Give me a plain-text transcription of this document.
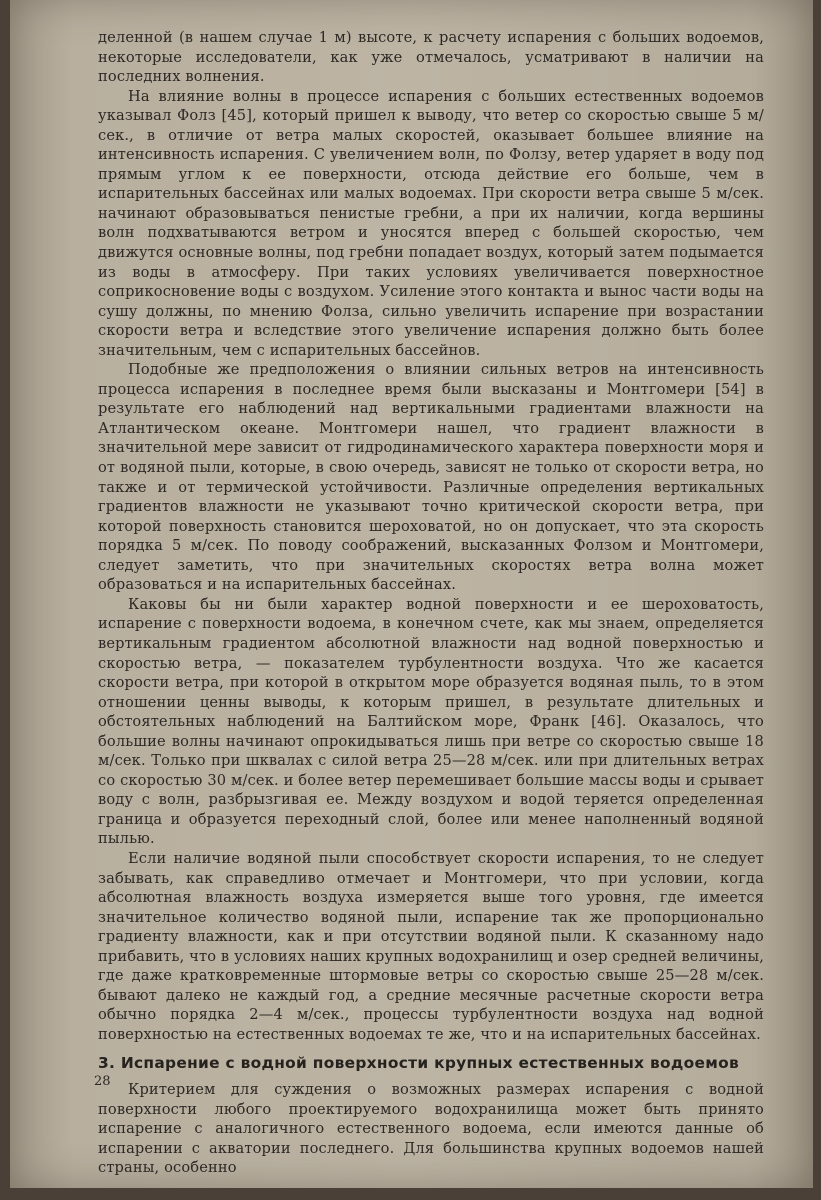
деленной (в нашем случае 1 м) высоте, к расчету испарения с больших водоемов, некоторые исследователи, как уже отмечалось, усматривают в наличии на последних волнения.

На влияние волны в процессе испарения с больших естественных водоемов указывал Фолз [45], который пришел к выводу, что ветер со скоростью свыше 5 м/сек., в отличие от ветра малых скоростей, оказывает большее влияние на интенсивность испарения. С увеличением волн, по Фолзу, ветер ударяет в воду под прямым углом к ее поверхности, отсюда действие его больше, чем в испарительных бассейнах или малых водоемах. При скорости ветра свыше 5 м/сек. начинают образовываться пенистые гребни, а при их наличии, когда вершины волн подхватываются ветром и уносятся вперед с большей скоростью, чем движутся основные волны, под гребни попадает воздух, который затем подымается из воды в атмосферу. При таких условиях увеличивается поверхностное соприкосновение воды с воздухом. Усиление этого контакта и вынос части воды на сушу должны, по мнению Фолза, сильно увеличить испарение при возрастании скорости ветра и вследствие этого увеличение испарения должно быть более значительным, чем с испарительных бассейнов.

Подобные же предположения о влиянии сильных ветров на интенсивность процесса испарения в последнее время были высказаны и Монтгомери [54] в результате его наблюдений над вертикальными градиентами влажности на Атлантическом океане. Монтгомери нашел, что градиент влажности в значительной мере зависит от гидродинамического характера поверхности моря и от водяной пыли, которые, в свою очередь, зависят не только от скорости ветра, но также и от термической устойчивости. Различные определения вертикальных градиентов влажности не указывают точно критической скорости ветра, при которой поверхность становится шероховатой, но он допускает, что эта скорость порядка 5 м/сек. По поводу соображений, высказанных Фолзом и Монтгомери, следует заметить, что при значительных скоростях ветра волна может образоваться и на испарительных бассейнах.

Каковы бы ни были характер водной поверхности и ее шероховатость, испарение с поверхности водоема, в конечном счете, как мы знаем, определяется вертикальным градиентом абсолютной влажности над водной поверхностью и скоростью ветра, — показателем турбулентности воздуха. Что же касается скорости ветра, при которой в открытом море образуется водяная пыль, то в этом отношении ценны выводы, к которым пришел, в результате длительных и обстоятельных наблюдений на Балтийском море, Франк [46]. Оказалось, что большие волны начинают опрокидываться лишь при ветре со скоростью свыше 18 м/сек. Только при шквалах с силой ветра 25—28 м/сек. или при длительных ветрах со скоростью 30 м/сек. и более ветер перемешивает большие массы воды и срывает воду с волн, разбрызгивая ее. Между воздухом и водой теряется определенная граница и образуется переходный слой, более или менее наполненный водяной пылью.

Если наличие водяной пыли способствует скорости испарения, то не следует забывать, как справедливо отмечает и Монтгомери, что при условии, когда абсолютная влажность воздуха измеряется выше того уровня, где имеется значительное количество водяной пыли, испарение так же пропорционально градиенту влажности, как и при отсутствии водяной пыли. К сказанному надо прибавить, что в условиях наших крупных водохранилищ и озер средней величины, где даже кратковременные штормовые ветры со скоростью свыше 25—28 м/сек. бывают далеко не каждый год, а средние месячные расчетные скорости ветра обычно порядка 2—4 м/сек., процессы турбулентности воздуха над водной поверхностью на естественных водоемах те же, что и на испарительных бассейнах.

3. Испарение с водной поверхности крупных естественных водоемов

Критерием для суждения о возможных размерах испарения с водной поверхности любого проектируемого водохранилища может быть принято испарение с аналогичного естественного водоема, если имеются данные об испарении с акватории последнего. Для большинства крупных водоемов нашей страны, особенно

28
